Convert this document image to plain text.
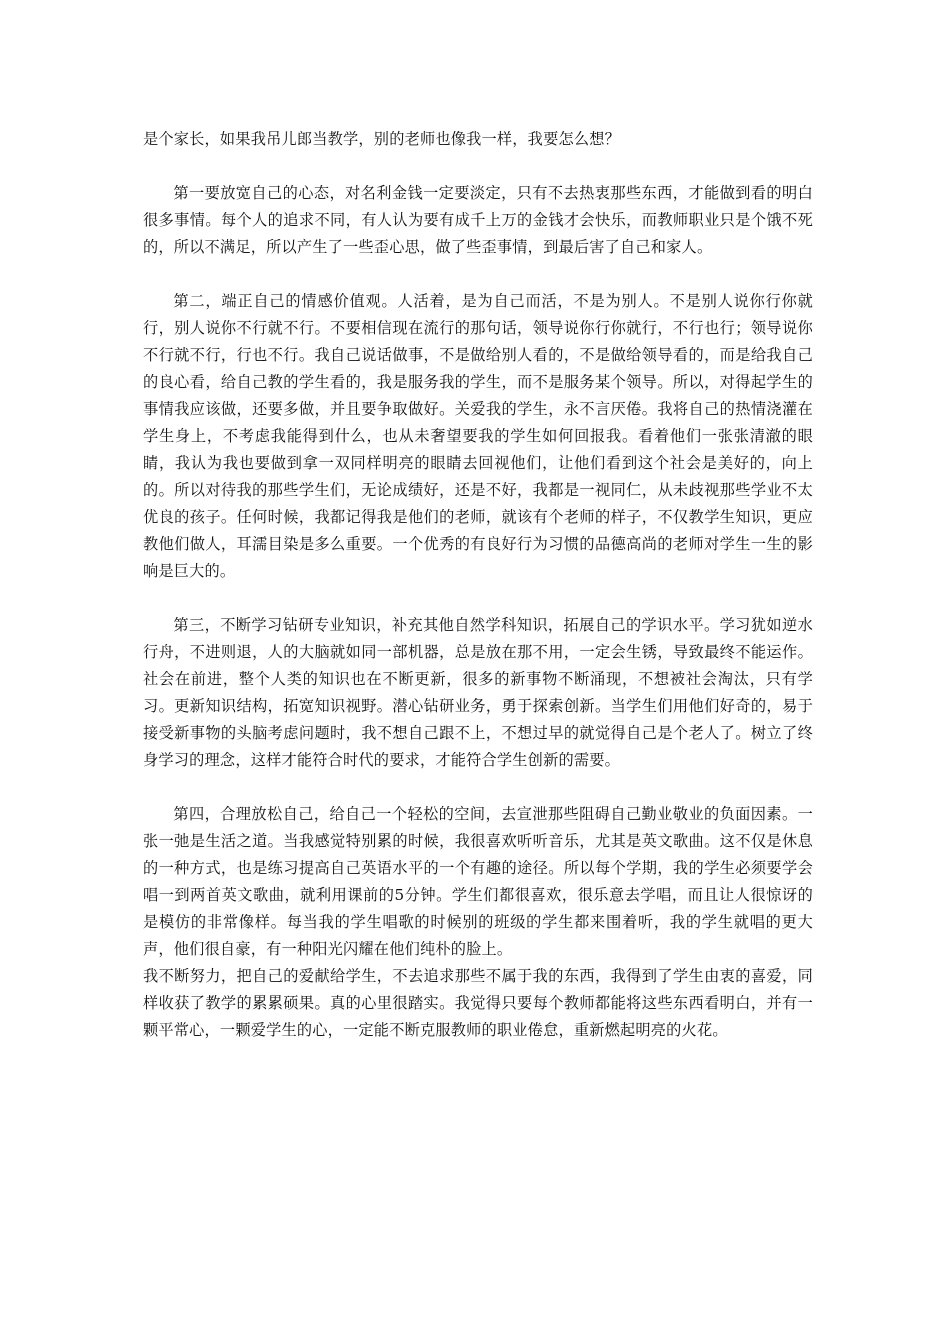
是个家长，如果我吊儿郎当教学，别的老师也像我一样，我要怎么想？

第一要放宽自己的心态，对名利金钱一定要淡定，只有不去热衷那些东西，才能做到看的明白很多事情。每个人的追求不同，有人认为要有成千上万的金钱才会快乐，而教师职业只是个饿不死的，所以不满足，所以产生了一些歪心思，做了些歪事情，到最后害了自己和家人。

第二，端正自己的情感价值观。人活着，是为自己而活，不是为别人。不是别人说你行你就行，别人说你不行就不行。不要相信现在流行的那句话，领导说你行你就行，不行也行；领导说你不行就不行，行也不行。我自己说话做事，不是做给别人看的，不是做给领导看的，而是给我自己的良心看，给自己教的学生看的，我是服务我的学生，而不是服务某个领导。所以，对得起学生的事情我应该做，还要多做，并且要争取做好。关爱我的学生，永不言厌倦。我将自己的热情浇灌在学生身上，不考虑我能得到什么，也从未奢望要我的学生如何回报我。看着他们一张张清澈的眼睛，我认为我也要做到拿一双同样明亮的眼睛去回视他们，让他们看到这个社会是美好的，向上的。所以对待我的那些学生们，无论成绩好，还是不好，我都是一视同仁，从未歧视那些学业不太优良的孩子。任何时候，我都记得我是他们的老师，就该有个老师的样子，不仅教学生知识，更应教他们做人，耳濡目染是多么重要。一个优秀的有良好行为习惯的品德高尚的老师对学生一生的影响是巨大的。

第三，不断学习钻研专业知识，补充其他自然学科知识，拓展自己的学识水平。学习犹如逆水行舟，不进则退，人的大脑就如同一部机器，总是放在那不用，一定会生锈，导致最终不能运作。社会在前进，整个人类的知识也在不断更新，很多的新事物不断涌现，不想被社会淘汰，只有学习。更新知识结构，拓宽知识视野。潜心钻研业务，勇于探索创新。当学生们用他们好奇的，易于接受新事物的头脑考虑问题时，我不想自己跟不上，不想过早的就觉得自己是个老人了。树立了终身学习的理念，这样才能符合时代的要求，才能符合学生创新的需要。

第四，合理放松自己，给自己一个轻松的空间，去宣泄那些阻碍自己勤业敬业的负面因素。一张一弛是生活之道。当我感觉特别累的时候，我很喜欢听听音乐，尤其是英文歌曲。这不仅是休息的一种方式，也是练习提高自己英语水平的一个有趣的途径。所以每个学期，我的学生必须要学会唱一到两首英文歌曲，就利用课前的5分钟。学生们都很喜欢，很乐意去学唱，而且让人很惊讶的是模仿的非常像样。每当我的学生唱歌的时候别的班级的学生都来围着听，我的学生就唱的更大声，他们很自豪，有一种阳光闪耀在他们纯朴的脸上。

我不断努力，把自己的爱献给学生，不去追求那些不属于我的东西，我得到了学生由衷的喜爱，同样收获了教学的累累硕果。真的心里很踏实。我觉得只要每个教师都能将这些东西看明白，并有一颗平常心，一颗爱学生的心，一定能不断克服教师的职业倦怠，重新燃起明亮的火花。
